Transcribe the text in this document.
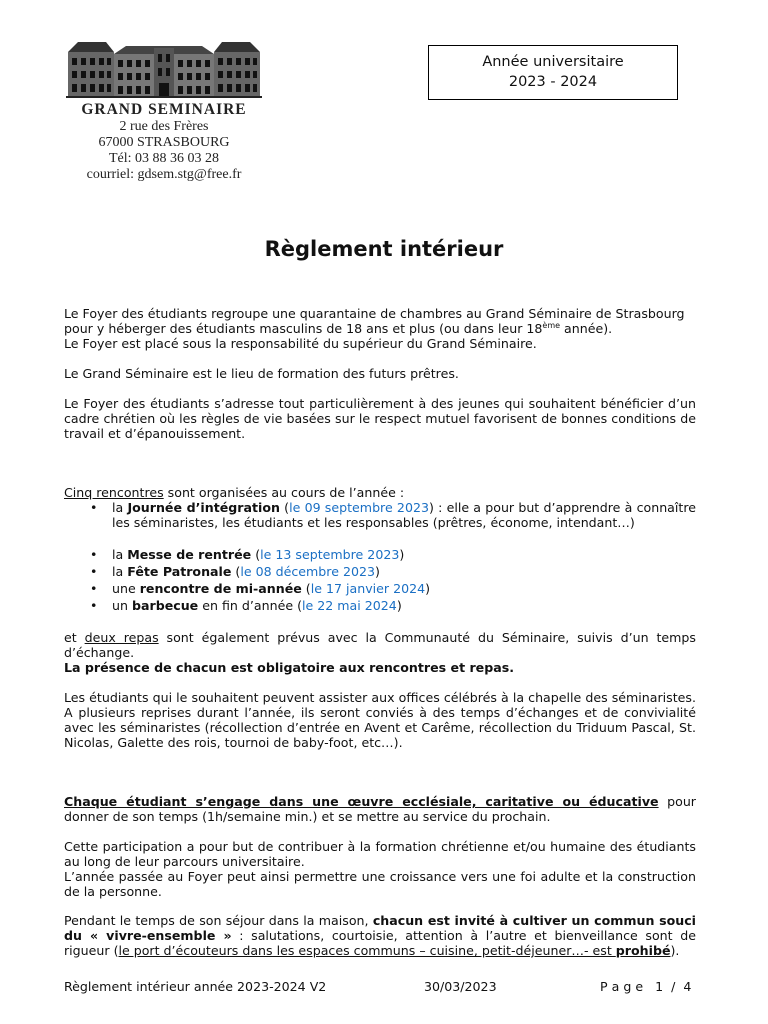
GRAND SEMINAIRE
2 rue des Frères
67000 STRASBOURG
Tél: 03 88 36 03 28
courriel: gdsem.stg@free.fr
Année universitaire
2023 - 2024
Règlement intérieur
Le Foyer des étudiants regroupe une quarantaine de chambres au Grand Séminaire de Strasbourg
pour y héberger des étudiants masculins de 18 ans et plus (ou dans leur 18ème année).
Le Foyer est placé sous la responsabilité du supérieur du Grand Séminaire.
Le Grand Séminaire est le lieu de formation des futurs prêtres.
Le Foyer des étudiants s’adresse tout particulièrement à des jeunes qui souhaitent bénéficier d’un cadre chrétien où les règles de vie basées sur le respect mutuel favorisent de bonnes conditions de travail et d’épanouissement.
Cinq rencontres sont organisées au cours de l’année :
• la Journée d’intégration (le 09 septembre 2023) : elle a pour but d’apprendre à connaître les séminaristes, les étudiants et les responsables (prêtres, économe, intendant…)
• la Messe de rentrée (le 13 septembre 2023)
• la Fête Patronale (le 08 décembre 2023)
• une rencontre de mi-année (le 17 janvier 2024)
• un barbecue en fin d’année (le 22 mai 2024)
et deux repas sont également prévus avec la Communauté du Séminaire, suivis d’un temps d’échange.
La présence de chacun est obligatoire aux rencontres et repas.
Les étudiants qui le souhaitent peuvent assister aux offices célébrés à la chapelle des séminaristes. A plusieurs reprises durant l’année, ils seront conviés à des temps d’échanges et de convivialité avec les séminaristes (récollection d’entrée en Avent et Carême, récollection du Triduum Pascal, St. Nicolas, Galette des rois, tournoi de baby-foot, etc…).
Chaque étudiant s’engage dans une œuvre ecclésiale, caritative ou éducative pour donner de son temps (1h/semaine min.) et se mettre au service du prochain.
Cette participation a pour but de contribuer à la formation chrétienne et/ou humaine des étudiants au long de leur parcours universitaire.
L’année passée au Foyer peut ainsi permettre une croissance vers une foi adulte et la construction de la personne.
Pendant le temps de son séjour dans la maison, chacun est invité à cultiver un commun souci du « vivre-ensemble » : salutations, courtoisie, attention à l’autre et bienveillance sont de rigueur (le port d’écouteurs dans les espaces communs – cuisine, petit-déjeuner…- est prohibé).
Règlement intérieur année 2023-2024 V2	30/03/2023	P a g e   1  /  4
